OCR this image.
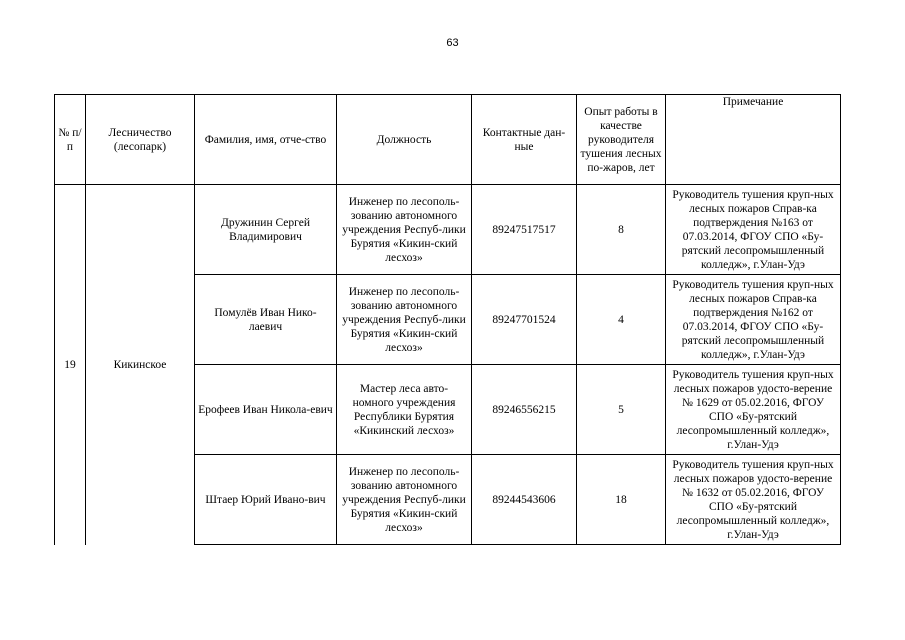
63
№ п/п	Лесничество (лесопарк)	Фамилия, имя, отче-ство	Должность	Контактные дан-ные	Опыт работы в качестве руководителя тушения лесных по-жаров, лет	Примечание
19	Кикинское	Дружинин Сергей Владимирович	Инженер по лесополь-зованию автономного учреждения Респуб-лики Бурятия «Кикин-ский лесхоз»	89247517517	8	Руководитель тушения круп-ных лесных пожаров Справ-ка подтверждения №163 от 07.03.2014, ФГОУ СПО «Бу-рятский лесопромышленный колледж», г.Улан-Удэ
		Помулёв Иван Нико-лаевич	Инженер по лесополь-зованию автономного учреждения Респуб-лики Бурятия «Кикин-ский лесхоз»	89247701524	4	Руководитель тушения круп-ных лесных пожаров Справ-ка подтверждения №162 от 07.03.2014, ФГОУ СПО «Бу-рятский лесопромышленный колледж», г.Улан-Удэ
		Ерофеев Иван Никола-евич	Мастер леса авто-номного учреждения Республики Бурятия «Кикинский лесхоз»	89246556215	5	Руководитель тушения круп-ных лесных пожаров удосто-верение № 1629 от 05.02.2016, ФГОУ СПО «Бу-рятский лесопромышленный колледж», г.Улан-Удэ
		Штаер Юрий Ивано-вич	Инженер по лесополь-зованию автономного учреждения Респуб-лики Бурятия «Кикин-ский лесхоз»	89244543606	18	Руководитель тушения круп-ных лесных пожаров удосто-верение № 1632 от 05.02.2016, ФГОУ СПО «Бу-рятский лесопромышленный колледж», г.Улан-Удэ
